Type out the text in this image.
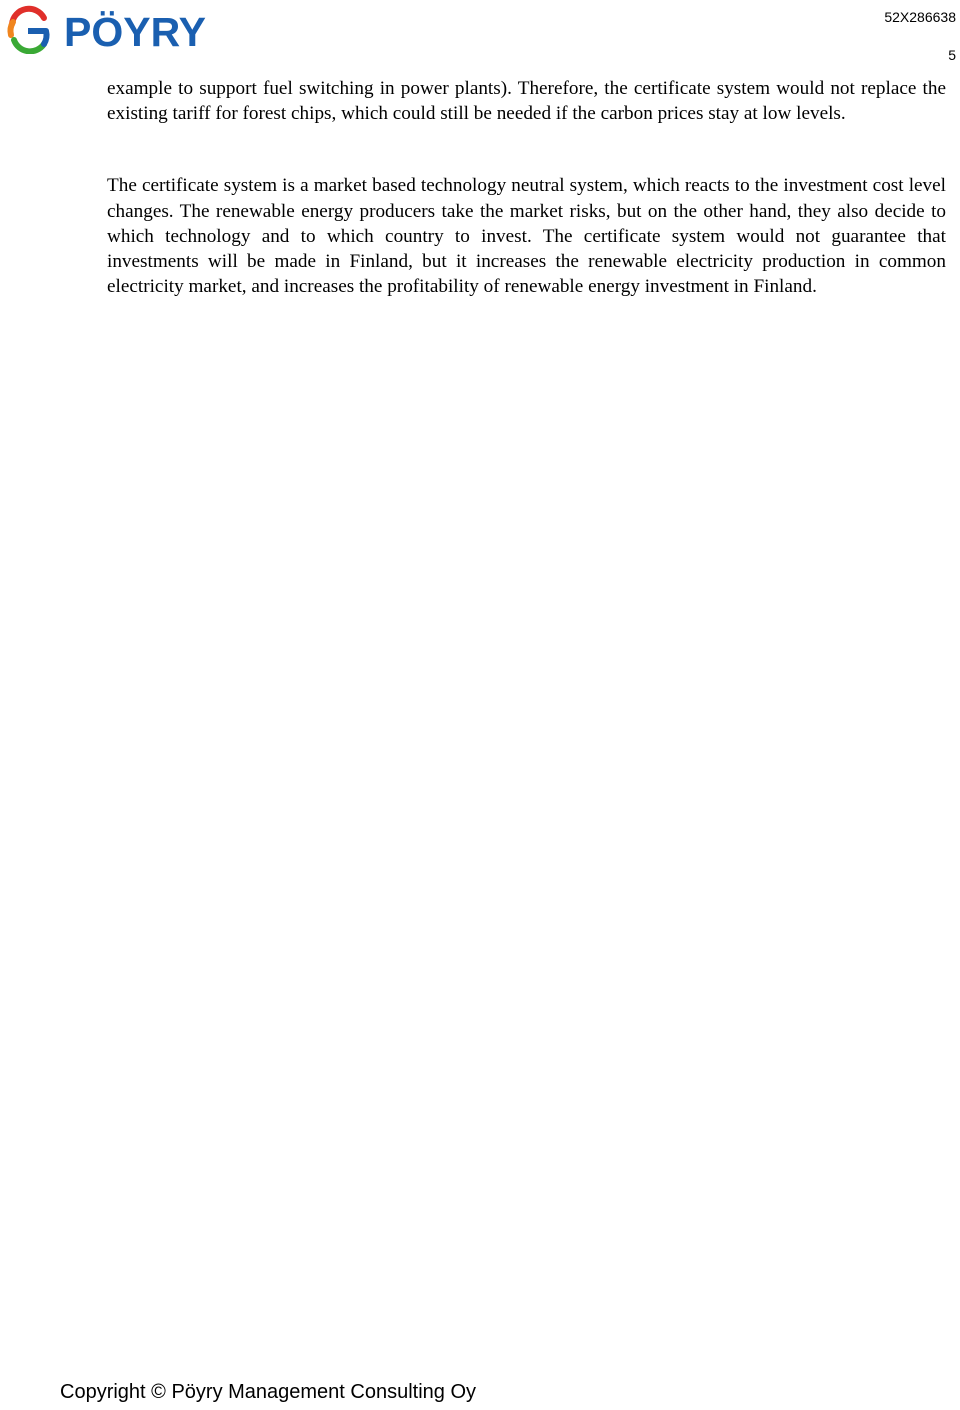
PÖYRY	52X286638
5

example to support fuel switching in power plants). Therefore, the certificate system would not replace the existing tariff for forest chips, which could still be needed if the carbon prices stay at low levels.

The certificate system is a market based technology neutral system, which reacts to the investment cost level changes. The renewable energy producers take the market risks, but on the other hand, they also decide to which technology and to which country to invest. The certificate system would not guarantee that investments will be made in Finland, but it increases the renewable electricity production in common electricity market, and increases the profitability of renewable energy investment in Finland.

Copyright © Pöyry Management Consulting Oy
